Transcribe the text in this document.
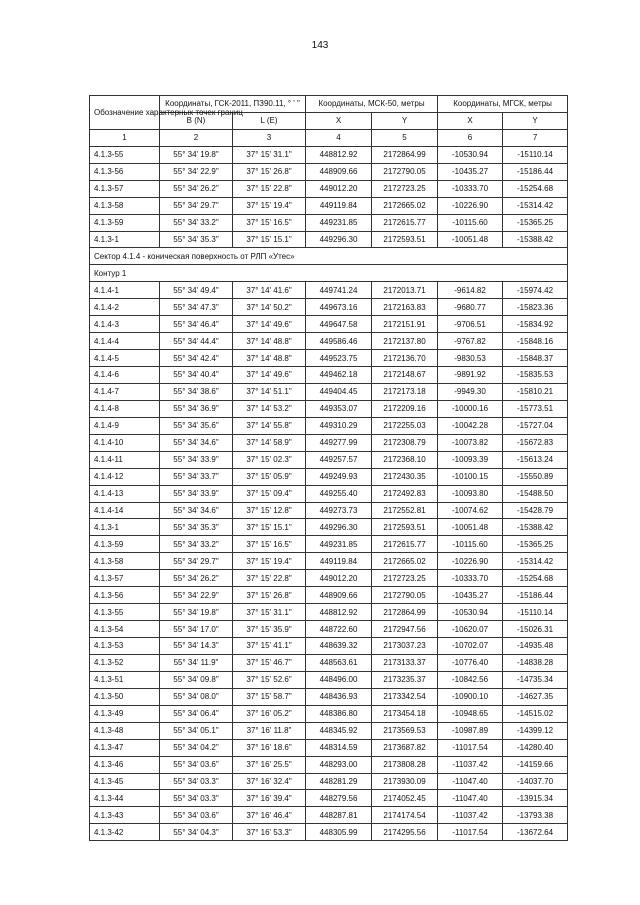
143
Обозначение характерных точек границ	Координаты, ГСК-2011, ПЗ90.11, ° ' "		Координаты, МСК-50, метры		Координаты, МГСК, метры	
	B (N)	L (E)	X	Y	X	Y
1	2	3	4	5	6	7
4.1.3-55	55° 34' 19.8"	37° 15' 31.1"	448812.92	2172864.99	-10530.94	-15110.14
4.1.3-56	55° 34' 22.9"	37° 15' 26.8"	448909.66	2172790.05	-10435.27	-15186.44
4.1.3-57	55° 34' 26.2"	37° 15' 22.8"	449012.20	2172723.25	-10333.70	-15254.68
4.1.3-58	55° 34' 29.7"	37° 15' 19.4"	449119.84	2172665.02	-10226.90	-15314.42
4.1.3-59	55° 34' 33.2"	37° 15' 16.5"	449231.85	2172615.77	-10115.60	-15365.25
4.1.3-1	55° 34' 35.3"	37° 15' 15.1"	449296.30	2172593.51	-10051.48	-15388.42
Сектор 4.1.4 - коническая поверхность от РЛП «Утес»						
Контур 1						
4.1.4-1	55° 34' 49.4"	37° 14' 41.6"	449741.24	2172013.71	-9614.82	-15974.42
4.1.4-2	55° 34' 47.3"	37° 14' 50.2"	449673.16	2172163.83	-9680.77	-15823.36
4.1.4-3	55° 34' 46.4"	37° 14' 49.6"	449647.58	2172151.91	-9706.51	-15834.92
4.1.4-4	55° 34' 44.4"	37° 14' 48.8"	449586.46	2172137.80	-9767.82	-15848.16
4.1.4-5	55° 34' 42.4"	37° 14' 48.8"	449523.75	2172136.70	-9830.53	-15848.37
4.1.4-6	55° 34' 40.4"	37° 14' 49.6"	449462.18	2172148.67	-9891.92	-15835.53
4.1.4-7	55° 34' 38.6"	37° 14' 51.1"	449404.45	2172173.18	-9949.30	-15810.21
4.1.4-8	55° 34' 36.9"	37° 14' 53.2"	449353.07	2172209.16	-10000.16	-15773.51
4.1.4-9	55° 34' 35.6"	37° 14' 55.8"	449310.29	2172255.03	-10042.28	-15727.04
4.1.4-10	55° 34' 34.6"	37° 14' 58.9"	449277.99	2172308.79	-10073.82	-15672.83
4.1.4-11	55° 34' 33.9"	37° 15' 02.3"	449257.57	2172368.10	-10093.39	-15613.24
4.1.4-12	55° 34' 33.7"	37° 15' 05.9"	449249.93	2172430.35	-10100.15	-15550.89
4.1.4-13	55° 34' 33.9"	37° 15' 09.4"	449255.40	2172492.83	-10093.80	-15488.50
4.1.4-14	55° 34' 34.6"	37° 15' 12.8"	449273.73	2172552.81	-10074.62	-15428.79
4.1.3-1	55° 34' 35.3"	37° 15' 15.1"	449296.30	2172593.51	-10051.48	-15388.42
4.1.3-59	55° 34' 33.2"	37° 15' 16.5"	449231.85	2172615.77	-10115.60	-15365.25
4.1.3-58	55° 34' 29.7"	37° 15' 19.4"	449119.84	2172665.02	-10226.90	-15314.42
4.1.3-57	55° 34' 26.2"	37° 15' 22.8"	449012.20	2172723.25	-10333.70	-15254.68
4.1.3-56	55° 34' 22.9"	37° 15' 26.8"	448909.66	2172790.05	-10435.27	-15186.44
4.1.3-55	55° 34' 19.8"	37° 15' 31.1"	448812.92	2172864.99	-10530.94	-15110.14
4.1.3-54	55° 34' 17.0"	37° 15' 35.9"	448722.60	2172947.56	-10620.07	-15026.31
4.1.3-53	55° 34' 14.3"	37° 15' 41.1"	448639.32	2173037.23	-10702.07	-14935.48
4.1.3-52	55° 34' 11.9"	37° 15' 46.7"	448563.61	2173133.37	-10776.40	-14838.28
4.1.3-51	55° 34' 09.8"	37° 15' 52.6"	448496.00	2173235.37	-10842.56	-14735.34
4.1.3-50	55° 34' 08.0"	37° 15' 58.7"	448436.93	2173342.54	-10900.10	-14627.35
4.1.3-49	55° 34' 06.4"	37° 16' 05.2"	448386.80	2173454.18	-10948.65	-14515.02
4.1.3-48	55° 34' 05.1"	37° 16' 11.8"	448345.92	2173569.53	-10987.89	-14399.12
4.1.3-47	55° 34' 04.2"	37° 16' 18.6"	448314.59	2173687.82	-11017.54	-14280.40
4.1.3-46	55° 34' 03.6"	37° 16' 25.5"	448293.00	2173808.28	-11037.42	-14159.66
4.1.3-45	55° 34' 03.3"	37° 16' 32.4"	448281.29	2173930.09	-11047.40	-14037.70
4.1.3-44	55° 34' 03.3"	37° 16' 39.4"	448279.56	2174052.45	-11047.40	-13915.34
4.1.3-43	55° 34' 03.6"	37° 16' 46.4"	448287.81	2174174.54	-11037.42	-13793.38
4.1.3-42	55° 34' 04.3"	37° 16' 53.3"	448305.99	2174295.56	-11017.54	-13672.64
